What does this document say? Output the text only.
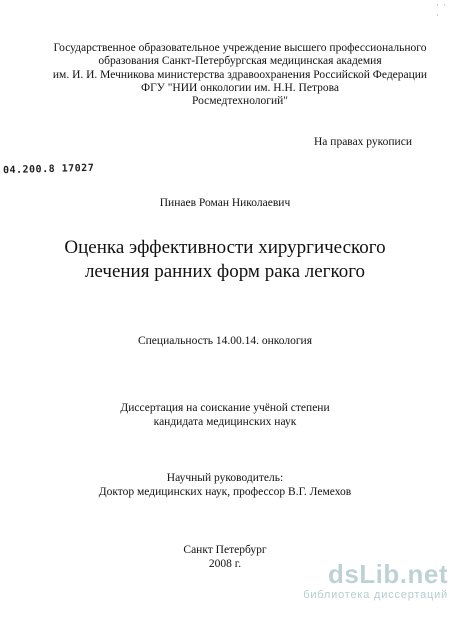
· · ·
Государственное образовательное учреждение высшего профессионального
образования Санкт-Петербургская медицинская академия
им. И. И. Мечникова министерства здравоохранения Российской Федерации
ФГУ "НИИ онкологии им. Н.Н. Петрова
Росмедтехнологий"
На правах рукописи
04.200.8 17027
Пинаев Роман Николаевич
Оценка эффективности хирургического
лечения ранних форм рака легкого
Специальность 14.00.14. онкология
Диссертация на соискание учёной степени
кандидата медицинских наук
Научный руководитель:
Доктор медицинских наук, профессор В.Г. Лемехов
Санкт Петербург
2008 г.	dsLib.net
библиотека диссертаций
